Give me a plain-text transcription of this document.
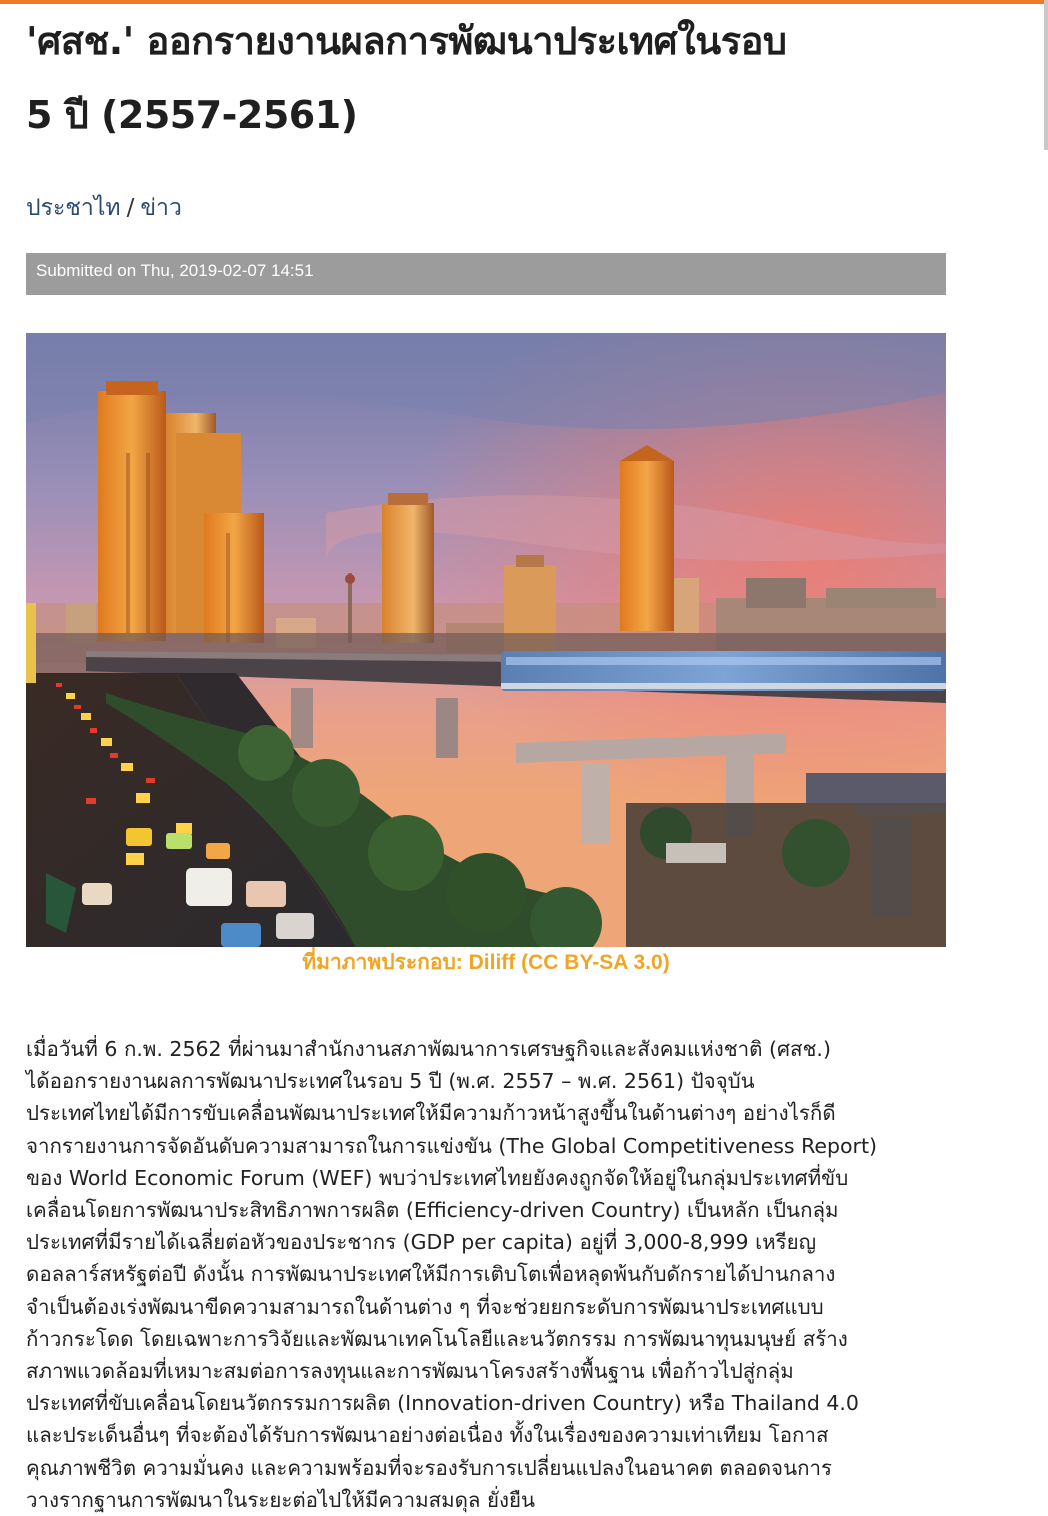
'ศสช.' ออกรายงานผลการพัฒนาประเทศในรอบ
5 ปี (2557-2561)
ประชาไท / ข่าว
Submitted on Thu, 2019-02-07 14:51
ที่มาภาพประกอบ: Diliff (CC BY-SA 3.0)

เมื่อวันที่ 6 ก.พ. 2562 ที่ผ่านมาสำนักงานสภาพัฒนาการเศรษฐกิจและสังคมแห่งชาติ (ศสช.)
ได้ออกรายงานผลการพัฒนาประเทศในรอบ 5 ปี (พ.ศ. 2557 – พ.ศ. 2561) ปัจจุบัน
ประเทศไทยได้มีการขับเคลื่อนพัฒนาประเทศให้มีความก้าวหน้าสูงขึ้นในด้านต่างๆ อย่างไรก็ดี
จากรายงานการจัดอันดับความสามารถในการแข่งขัน (The Global Competitiveness Report)
ของ World Economic Forum (WEF) พบว่าประเทศไทยยังคงถูกจัดให้อยู่ในกลุ่มประเทศที่ขับ
เคลื่อนโดยการพัฒนาประสิทธิภาพการผลิต (Efficiency-driven Country) เป็นหลัก เป็นกลุ่ม
ประเทศที่มีรายได้เฉลี่ยต่อหัวของประชากร (GDP per capita) อยู่ที่ 3,000-8,999 เหรียญ
ดอลลาร์สหรัฐต่อปี ดังนั้น การพัฒนาประเทศให้มีการเติบโตเพื่อหลุดพ้นกับดักรายได้ปานกลาง
จำเป็นต้องเร่งพัฒนาขีดความสามารถในด้านต่าง ๆ ที่จะช่วยยกระดับการพัฒนาประเทศแบบ
ก้าวกระโดด โดยเฉพาะการวิจัยและพัฒนาเทคโนโลยีและนวัตกรรม การพัฒนาทุนมนุษย์ สร้าง
สภาพแวดล้อมที่เหมาะสมต่อการลงทุนและการพัฒนาโครงสร้างพื้นฐาน เพื่อก้าวไปสู่กลุ่ม
ประเทศที่ขับเคลื่อนโดยนวัตกรรมการผลิต (Innovation-driven Country) หรือ Thailand 4.0
และประเด็นอื่นๆ ที่จะต้องได้รับการพัฒนาอย่างต่อเนื่อง ทั้งในเรื่องของความเท่าเทียม โอกาส
คุณภาพชีวิต ความมั่นคง และความพร้อมที่จะรองรับการเปลี่ยนแปลงในอนาคต ตลอดจนการ
วางรากฐานการพัฒนาในระยะต่อไปให้มีความสมดุล ยั่งยืน
